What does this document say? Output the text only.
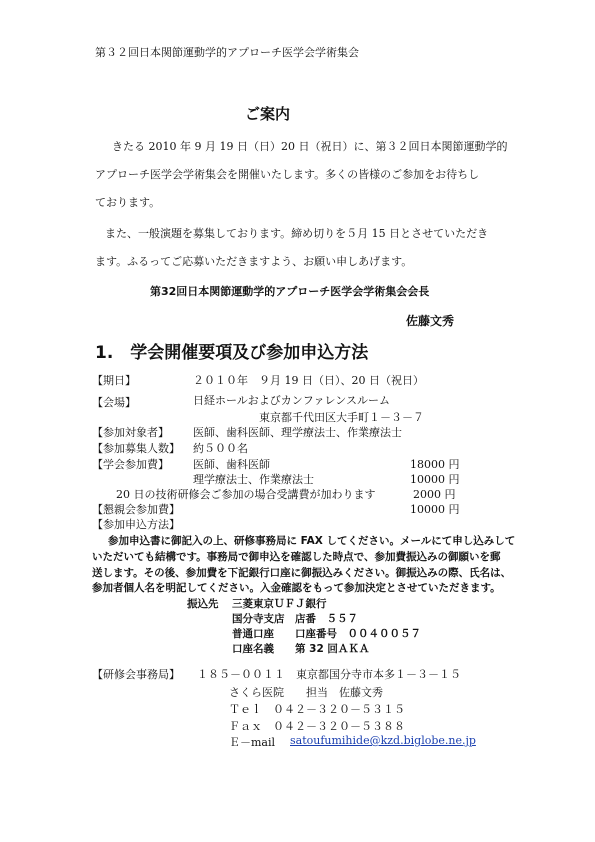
第３２回日本関節運動学的アプローチ医学会学術集会
ご案内
きたる 2010 年 9 月 19 日（日）20 日（祝日）に、第３２回日本関節運動学的
アプローチ医学会学術集会を開催いたします。多くの皆様のご参加をお待ちし
ております。
また、一般演題を募集しております。締め切りを５月 15 日とさせていただき
ます。ふるってご応募いただきますよう、お願い申しあげます。
第32回日本関節運動学的アプローチ医学会学術集会会長
佐藤文秀
1.　学会開催要項及び参加申込方法
【期日】	２０１０年　９月 19 日（日）、20 日（祝日）
【会場】	日経ホールおよびカンファレンスルーム
東京都千代田区大手町１－３－７
【参加対象者】 医師、歯科医師、理学療法士、作業療法士
【参加募集人数】 約５００名
【学会参加費】 医師、歯科医師	18000 円
理学療法士、作業療法士	10000 円
20 日の技術研修会ご参加の場合受講費が加わります	2000 円
【懇親会参加費】	10000 円
【参加申込方法】
参加申込書に御記入の上、研修事務局に FAX してください。メールにて申し込みして
いただいても結構です。事務局で御申込を確認した時点で、参加費振込みの御願いを郵
送します。その後、参加費を下記銀行口座に御振込みください。御振込みの際、氏名は、
参加者個人名を明記してください。入金確認をもって参加決定とさせていただきます。
振込先 三菱東京ＵＦＪ銀行
国分寺支店　店番　５５７
普通口座　　口座番号　００４００５７
口座名義　　第 32 回ＡＫＡ
【研修会事務局】 １８５－００１１　東京都国分寺市本多１－３－１５
さくら医院　　担当　佐藤文秀
Ｔｅｌ　０４２－３２０－５３１５
Ｆａｘ　０４２－３２０－５３８８
Ｅ－mail satoufumihide@kzd.biglobe.ne.jp
